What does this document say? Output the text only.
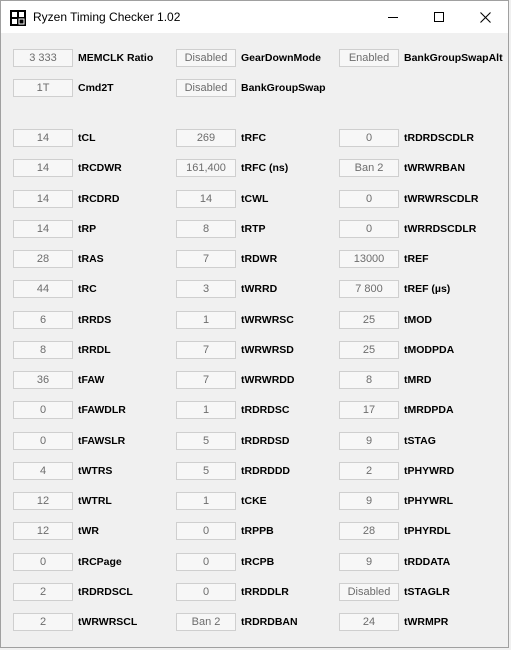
Ryzen Timing Checker 1.02
3 333	MEMCLK Ratio	Disabled	GearDownMode	Enabled	BankGroupSwapAlt
1T	Cmd2T	Disabled	BankGroupSwap
14	tCL	269	tRFC	0	tRDRDSCDLR
14	tRCDWR	161,400	tRFC (ns)	Ban 2	tWRWRBAN
14	tRCDRD	14	tCWL	0	tWRWRSCDLR
14	tRP	8	tRTP	0	tWRRDSCDLR
28	tRAS	7	tRDWR	13000	tREF
44	tRC	3	tWRRD	7 800	tREF (µs)
6	tRRDS	1	tWRWRSC	25	tMOD
8	tRRDL	7	tWRWRSD	25	tMODPDA
36	tFAW	7	tWRWRDD	8	tMRD
0	tFAWDLR	1	tRDRDSC	17	tMRDPDA
0	tFAWSLR	5	tRDRDSD	9	tSTAG
4	tWTRS	5	tRDRDDD	2	tPHYWRD
12	tWTRL	1	tCKE	9	tPHYWRL
12	tWR	0	tRPPB	28	tPHYRDL
0	tRCPage	0	tRCPB	9	tRDDATA
2	tRDRDSCL	0	tRRDDLR	Disabled	tSTAGLR
2	tWRWRSCL	Ban 2	tRDRDBAN	24	tWRMPR
